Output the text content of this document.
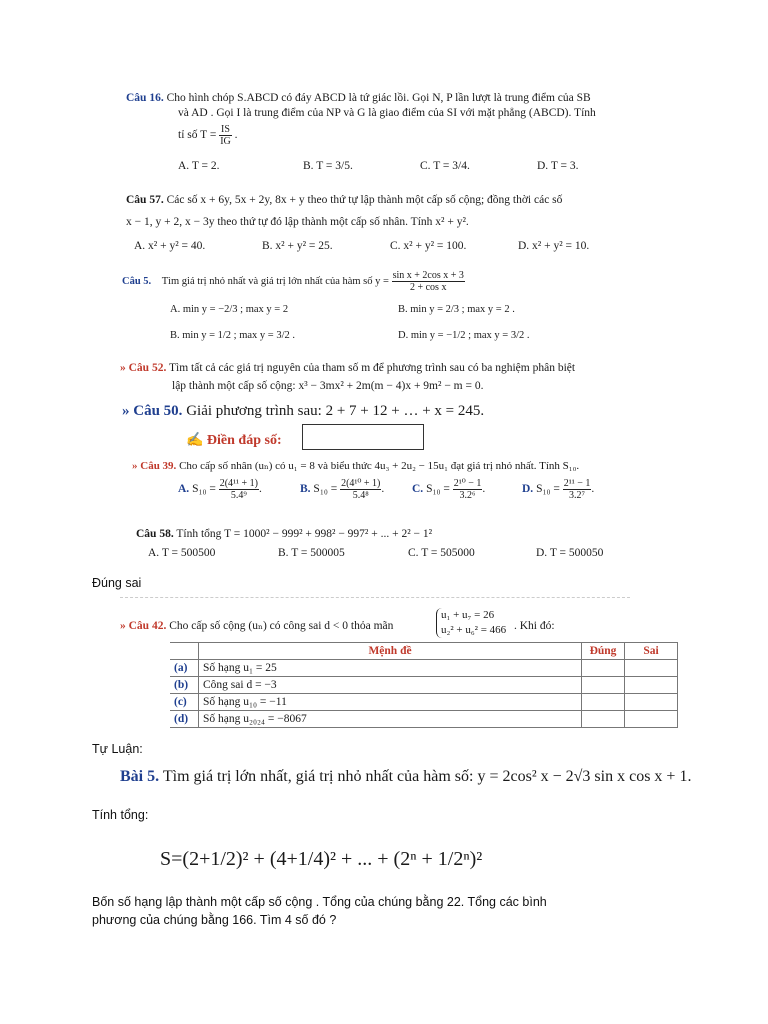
Câu 16. Cho hình chóp S.ABCD có đáy ABCD là tứ giác lồi. Gọi N, P lần lượt là trung điểm của SB
và AD . Gọi I là trung điểm của NP và G là giao điểm của SI với mặt phẳng (ABCD). Tính
tỉ số $T = \frac{IS}{IG}$ .
A. T = 2.	B. T = 3/5.	C. T = 3/4.	D. T = 3.
Câu 57. Các số x + 6y, 5x + 2y, 8x + y theo thứ tự lập thành một cấp số cộng; đồng thời các số
x − 1, y + 2, x − 3y theo thứ tự đó lập thành một cấp số nhân. Tính x² + y².
A. x² + y² = 40.	B. x² + y² = 25.	C. x² + y² = 100.	D. x² + y² = 10.
Câu 5. Tìm giá trị nhỏ nhất và giá trị lớn nhất của hàm số $y = \frac{\text{sin x + 2cos x + 3}}{\text{2 + cos x}}$
A. min y = −2/3 ; max y = 2	B. min y = 2/3 ; max y = 2 .
B. min y = 1/2 ; max y = 3/2 .	D. min y = −1/2 ; max y = 3/2 .
» Câu 52. Tìm tất cả các giá trị nguyên của tham số m để phương trình sau có ba nghiệm phân biệt
lập thành một cấp số cộng: x³ − 3mx² + 2m(m − 4)x + 9m² − m = 0.
» Câu 50. Giải phương trình sau: 2 + 7 + 12 + … + x = 245.
✍ Điền đáp số:
» Câu 39. Cho cấp số nhân (uₙ) có u₁ = 8 và biểu thức 4u₃ + 2u₂ − 15u₁ đạt giá trị nhỏ nhất. Tính S₁₀.
A. $S_{10} = \frac{\text{2(4¹¹ + 1)}}{\text{5.4⁹}}$ .	B. $S_{10} = \frac{\text{2(4¹⁰ + 1)}}{\text{5.4⁸}}$ . C. $S_{10} = \frac{\text{2¹⁰ − 1}}{\text{3.2⁶}}$ .	D. $S_{10} = \frac{\text{2¹¹ − 1}}{\text{3.2⁷}}$ .
Câu 58. Tính tổng T = 1000² − 999² + 998² − 997² + ... + 2² − 1²
A. T = 500500	B. T = 500005	C. T = 505000	D. T = 500050
Đúng sai
» Câu 42. Cho cấp số cộng (uₙ) có công sai d < 0 thỏa mãn
u₁ + u₇ = 26
u₂² + u₆² = 466 . Khi đó:
	Mệnh đề	Đúng	Sai
(a)	Số hạng u₁ = 25		
(b)	Công sai d = −3		
(c)	Số hạng u₁₀ = −11		
(d)	Số hạng u₂₀₂₄ = −8067		
Tự Luận:
Bài 5. Tìm giá trị lớn nhất, giá trị nhỏ nhất của hàm số: y = 2cos² x − 2√3 sin x cos x + 1.
Tính tổng:
S=(2+1/2)² + (4+1/4)² + ... + (2ⁿ + 1/2ⁿ)²
Bốn số hạng lập thành một cấp số cộng . Tổng của chúng bằng 22. Tổng các bình
phương của chúng bằng 166. Tìm 4 số đó ?
